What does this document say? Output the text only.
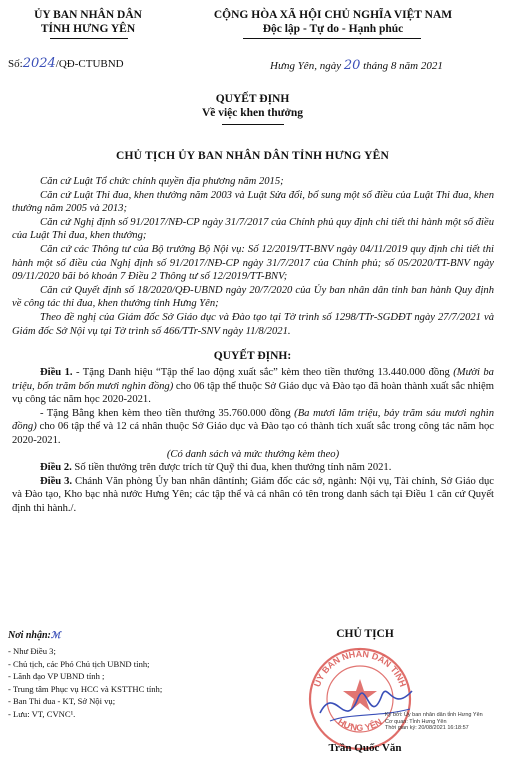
ỦY BAN NHÂN DÂN
TỈNH HƯNG YÊN
CỘNG HÒA XÃ HỘI CHỦ NGHĨA VIỆT NAM
Độc lập - Tự do - Hạnh phúc
Số:2024/QĐ-CTUBND	Hưng Yên, ngày 20 tháng 8 năm 2021
QUYẾT ĐỊNH
Về việc khen thưởng
CHỦ TỊCH ỦY BAN NHÂN DÂN TỈNH HƯNG YÊN

Căn cứ Luật Tổ chức chính quyền địa phương năm 2015;

Căn cứ Luật Thi đua, khen thưởng năm 2003 và Luật Sửa đổi, bổ sung một số điều của Luật Thi đua, khen thưởng năm 2005 và 2013;

Căn cứ Nghị định số 91/2017/NĐ-CP ngày 31/7/2017 của Chính phủ quy định chi tiết thi hành một số điều của Luật Thi đua, khen thưởng;

Căn cứ các Thông tư của Bộ trưởng Bộ Nội vụ: Số 12/2019/TT-BNV ngày 04/11/2019 quy định chi tiết thi hành một số điều của Nghị định số 91/2017/NĐ-CP ngày 31/7/2017 của Chính phủ; số 05/2020/TT-BNV ngày 09/11/2020 bãi bỏ khoản 7 Điều 2 Thông tư số 12/2019/TT-BNV;

Căn cứ Quyết định số 18/2020/QĐ-UBND ngày 20/7/2020 của Ủy ban nhân dân tỉnh ban hành Quy định về công tác thi đua, khen thưởng tỉnh Hưng Yên;

Theo đề nghị của Giám đốc Sở Giáo dục và Đào tạo tại Tờ trình số 1298/TTr-SGDĐT ngày 27/7/2021 và Giám đốc Sở Nội vụ tại Tờ trình số 466/TTr-SNV ngày 11/8/2021.

QUYẾT ĐỊNH:

Điều 1. - Tặng Danh hiệu “Tập thể lao động xuất sắc” kèm theo tiền thưởng 13.440.000 đồng (Mười ba triệu, bốn trăm bốn mươi nghìn đồng) cho 06 tập thể thuộc Sở Giáo dục và Đào tạo đã hoàn thành xuất sắc nhiệm vụ công tác năm học 2020-2021.

- Tặng Bằng khen kèm theo tiền thưởng 35.760.000 đồng (Ba mươi lăm triệu, bảy trăm sáu mươi nghìn đồng) cho 06 tập thể và 12 cá nhân thuộc Sở Giáo dục và Đào tạo có thành tích xuất sắc trong công tác năm học 2020-2021.

(Có danh sách và mức thưởng kèm theo)

Điều 2. Số tiền thưởng trên được trích từ Quỹ thi đua, khen thưởng tỉnh năm 2021.

Điều 3. Chánh Văn phòng Ủy ban nhân dântỉnh; Giám đốc các sở, ngành: Nội vụ, Tài chính, Sở Giáo dục và Đào tạo, Kho bạc nhà nước Hưng Yên; các tập thể và cá nhân có tên trong danh sách tại Điều 1 căn cứ Quyết định thi hành./.

Nơi nhận:ℳ
- Như Điều 3;
- Chủ tịch, các Phó Chủ tịch UBND tỉnh;
- Lãnh đạo VP UBND tỉnh ;
- Trung tâm Phục vụ HCC và KSTTHC tỉnh;
- Ban Thi đua - KT, Sở Nội vụ;
- Lưu: VT, CVNC¹.
CHỦ TỊCH
ỦY BAN NHÂN DÂN TỈNH
HƯNG YÊN
Ký bởi: Ủy ban nhân dân tỉnh Hưng Yên
Cơ quan: Tỉnh Hưng Yên
Thời gian ký: 20/08/2021 16:18:57
Trần Quốc Văn
